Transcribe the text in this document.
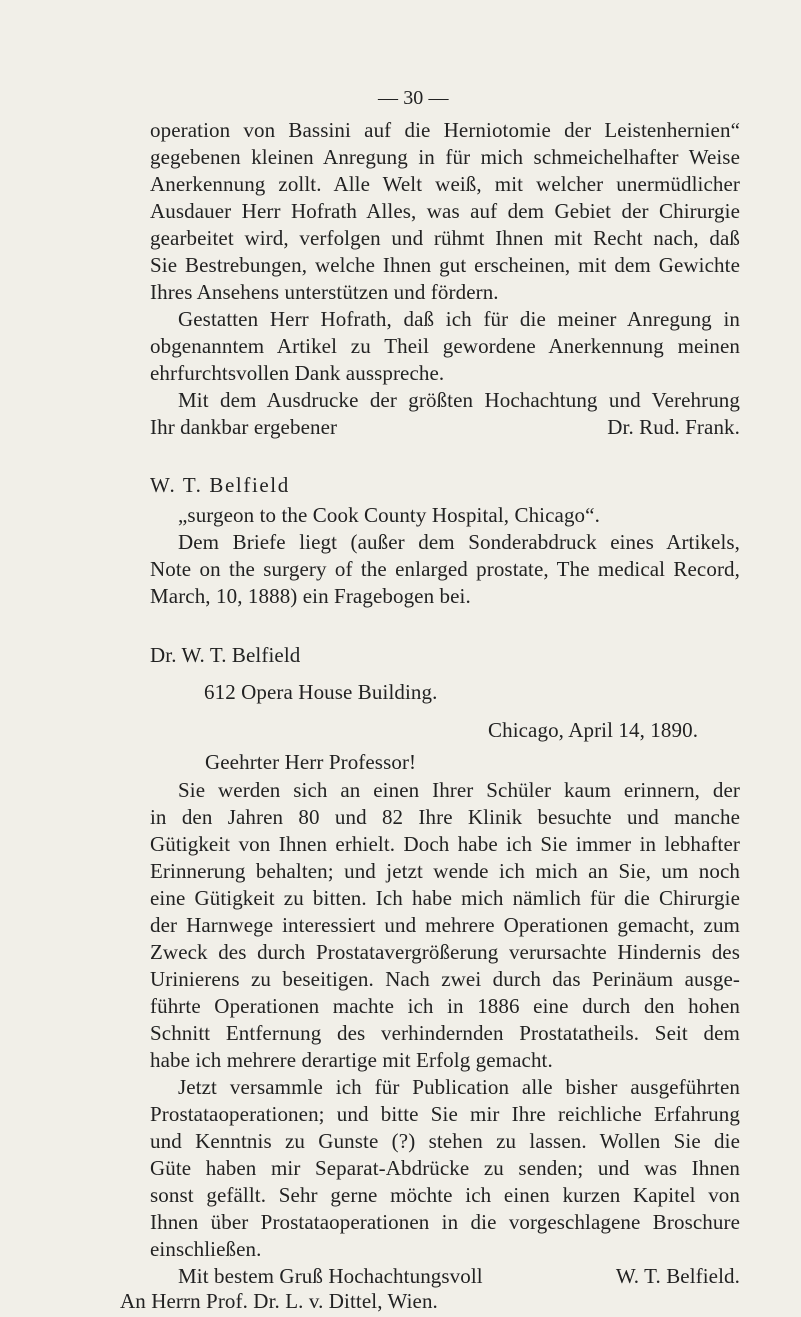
— 30 —
operation von Bassini auf die Herniotomie der Leistenhernien“
gegebenen kleinen Anregung in für mich schmeichelhafter Weise
Anerkennung zollt. Alle Welt weiß, mit welcher unermüdlicher
Ausdauer Herr Hofrath Alles, was auf dem Gebiet der Chirurgie
gearbeitet wird, verfolgen und rühmt Ihnen mit Recht nach, daß
Sie Bestrebungen, welche Ihnen gut erscheinen, mit dem Gewichte
Ihres Ansehens unterstützen und fördern.
Gestatten Herr Hofrath, daß ich für die meiner Anregung in
obgenanntem Artikel zu Theil gewordene Anerkennung meinen
ehrfurchtsvollen Dank ausspreche.
Mit dem Ausdrucke der größten Hochachtung und Verehrung
Ihr dankbar ergebener	Dr. Rud. Frank.
W. T. Belfield
„surgeon to the Cook County Hospital, Chicago“.
Dem Briefe liegt (außer dem Sonderabdruck eines Artikels,
Note on the surgery of the enlarged prostate, The medical Record,
March, 10, 1888) ein Fragebogen bei.
Dr. W. T. Belfield
612 Opera House Building.
Chicago, April 14, 1890.
Geehrter Herr Professor!
Sie werden sich an einen Ihrer Schüler kaum erinnern, der
in den Jahren 80 und 82 Ihre Klinik besuchte und manche
Gütigkeit von Ihnen erhielt. Doch habe ich Sie immer in lebhafter
Erinnerung behalten; und jetzt wende ich mich an Sie, um noch
eine Gütigkeit zu bitten. Ich habe mich nämlich für die Chirurgie
der Harnwege interessiert und mehrere Operationen gemacht, zum
Zweck des durch Prostatavergrößerung verursachte Hindernis des
Urinierens zu beseitigen. Nach zwei durch das Perinäum ausge-
führte Operationen machte ich in 1886 eine durch den hohen
Schnitt Entfernung des verhindernden Prostatatheils. Seit dem
habe ich mehrere derartige mit Erfolg gemacht.
Jetzt versammle ich für Publication alle bisher ausgeführten
Prostataoperationen; und bitte Sie mir Ihre reichliche Erfahrung
und Kenntnis zu Gunste (?) stehen zu lassen. Wollen Sie die
Güte haben mir Separat-Abdrücke zu senden; und was Ihnen
sonst gefällt. Sehr gerne möchte ich einen kurzen Kapitel von
Ihnen über Prostataoperationen in die vorgeschlagene Broschure
einschließen.
Mit bestem Gruß Hochachtungsvoll	W. T. Belfield.
An Herrn Prof. Dr. L. v. Dittel, Wien.
